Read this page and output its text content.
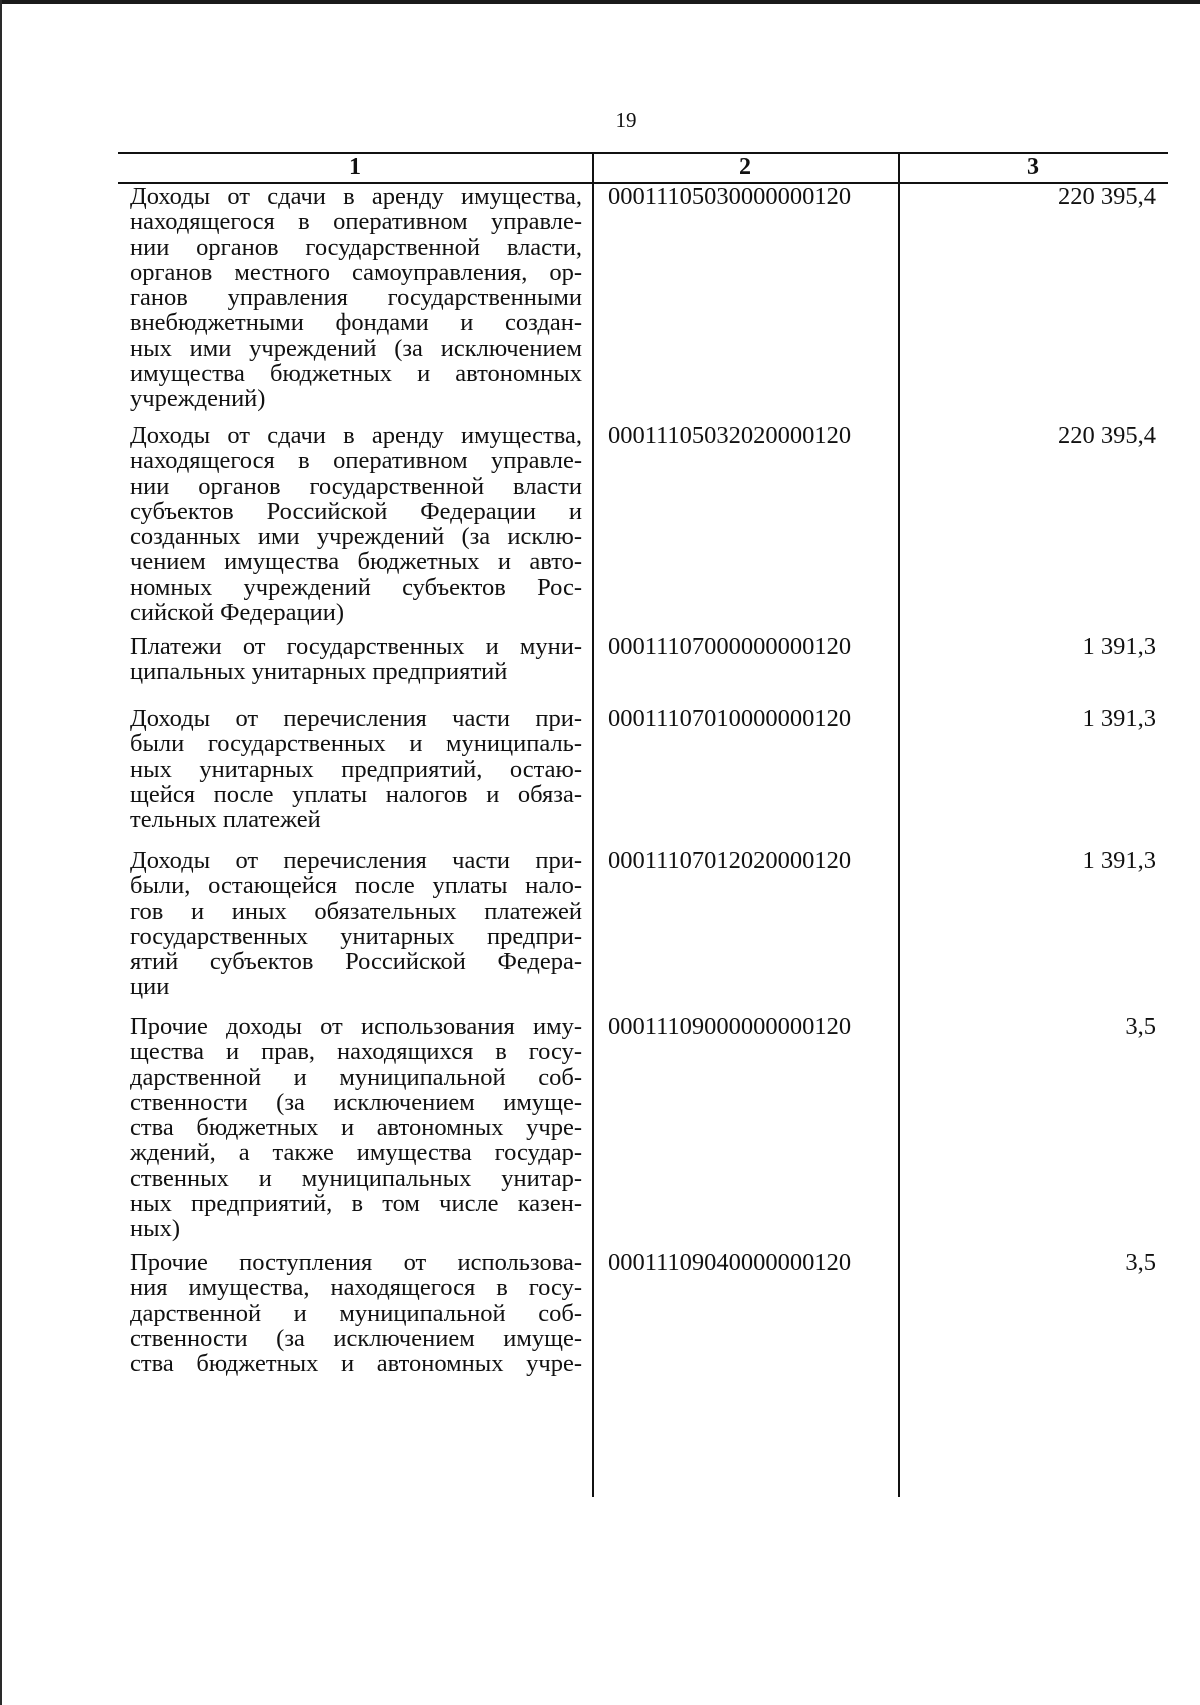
19
1	2	3
Доходы от сдачи в аренду имущества,
находящегося в оперативном управле-
нии органов государственной власти,
органов местного самоуправления, ор-
ганов управления государственными
внебюджетными фондами и создан-
ных ими учреждений (за исключением
имущества бюджетных и автономных
учреждений)
00011105030000000120	220 395,4
Доходы от сдачи в аренду имущества,
находящегося в оперативном управле-
нии органов государственной власти
субъектов Российской Федерации и
созданных ими учреждений (за исклю-
чением имущества бюджетных и авто-
номных учреждений субъектов Рос-
сийской Федерации)
00011105032020000120	220 395,4
Платежи от государственных и муни-
ципальных унитарных предприятий
00011107000000000120	1 391,3
Доходы от перечисления части при-
были государственных и муниципаль-
ных унитарных предприятий, остаю-
щейся после уплаты налогов и обяза-
тельных платежей
00011107010000000120	1 391,3
Доходы от перечисления части при-
были, остающейся после уплаты нало-
гов и иных обязательных платежей
государственных унитарных предпри-
ятий субъектов Российской Федера-
ции
00011107012020000120	1 391,3
Прочие доходы от использования иму-
щества и прав, находящихся в госу-
дарственной и муниципальной соб-
ственности (за исключением имуще-
ства бюджетных и автономных учре-
ждений, а также имущества государ-
ственных и муниципальных унитар-
ных предприятий, в том числе казен-
ных)
00011109000000000120	3,5
Прочие поступления от использова-
ния имущества, находящегося в госу-
дарственной и муниципальной соб-
ственности (за исключением имуще-
ства бюджетных и автономных учре-
00011109040000000120	3,5
